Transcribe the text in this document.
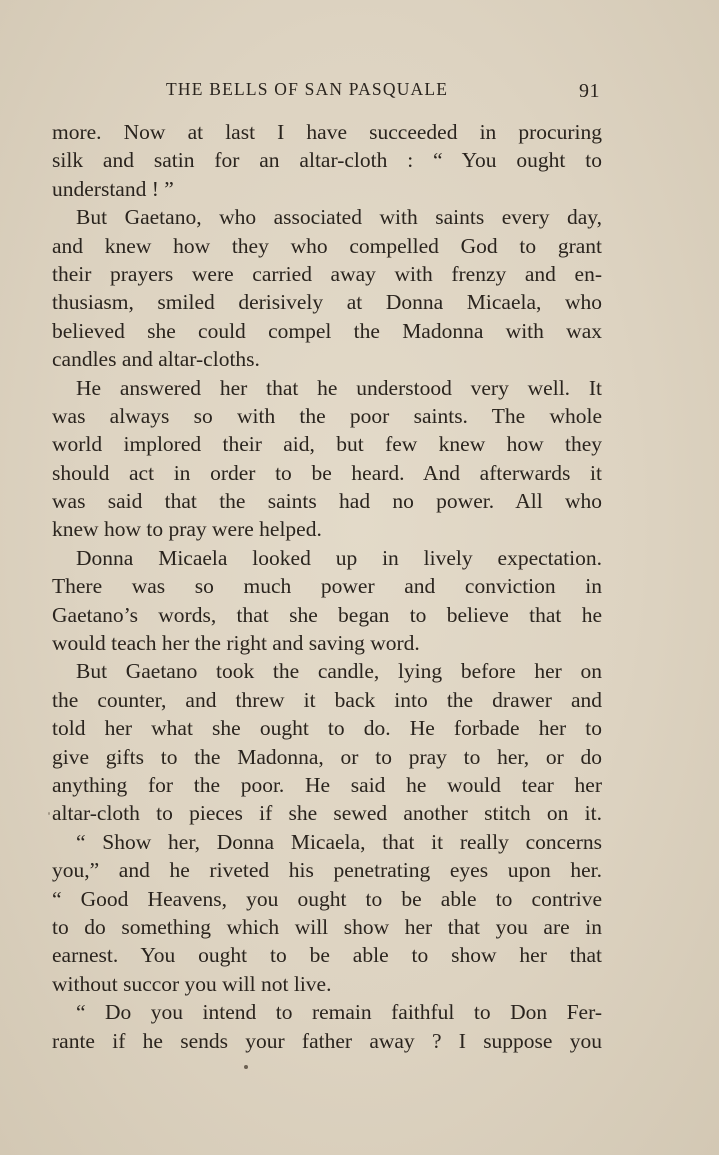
THE BELLS OF SAN PASQUALE	91
more. Now at last I have succeeded in procuring
silk and satin for an altar-cloth : “ You ought to
understand ! ”
But Gaetano, who associated with saints every day,
and knew how they who compelled God to grant
their prayers were carried away with frenzy and en-
thusiasm, smiled derisively at Donna Micaela, who
believed she could compel the Madonna with wax
candles and altar-cloths.
He answered her that he understood very well. It
was always so with the poor saints. The whole
world implored their aid, but few knew how they
should act in order to be heard. And afterwards it
was said that the saints had no power. All who
knew how to pray were helped.
Donna Micaela looked up in lively expectation.
There was so much power and conviction in
Gaetano’s words, that she began to believe that he
would teach her the right and saving word.
But Gaetano took the candle, lying before her on
the counter, and threw it back into the drawer and
told her what she ought to do. He forbade her to
give gifts to the Madonna, or to pray to her, or do
anything for the poor. He said he would tear her
altar-cloth to pieces if she sewed another stitch on it.
“ Show her, Donna Micaela, that it really concerns
you,” and he riveted his penetrating eyes upon her.
“ Good Heavens, you ought to be able to contrive
to do something which will show her that you are in
earnest. You ought to be able to show her that
without succor you will not live.
“ Do you intend to remain faithful to Don Fer-
rante if he sends your father away ? I suppose you
